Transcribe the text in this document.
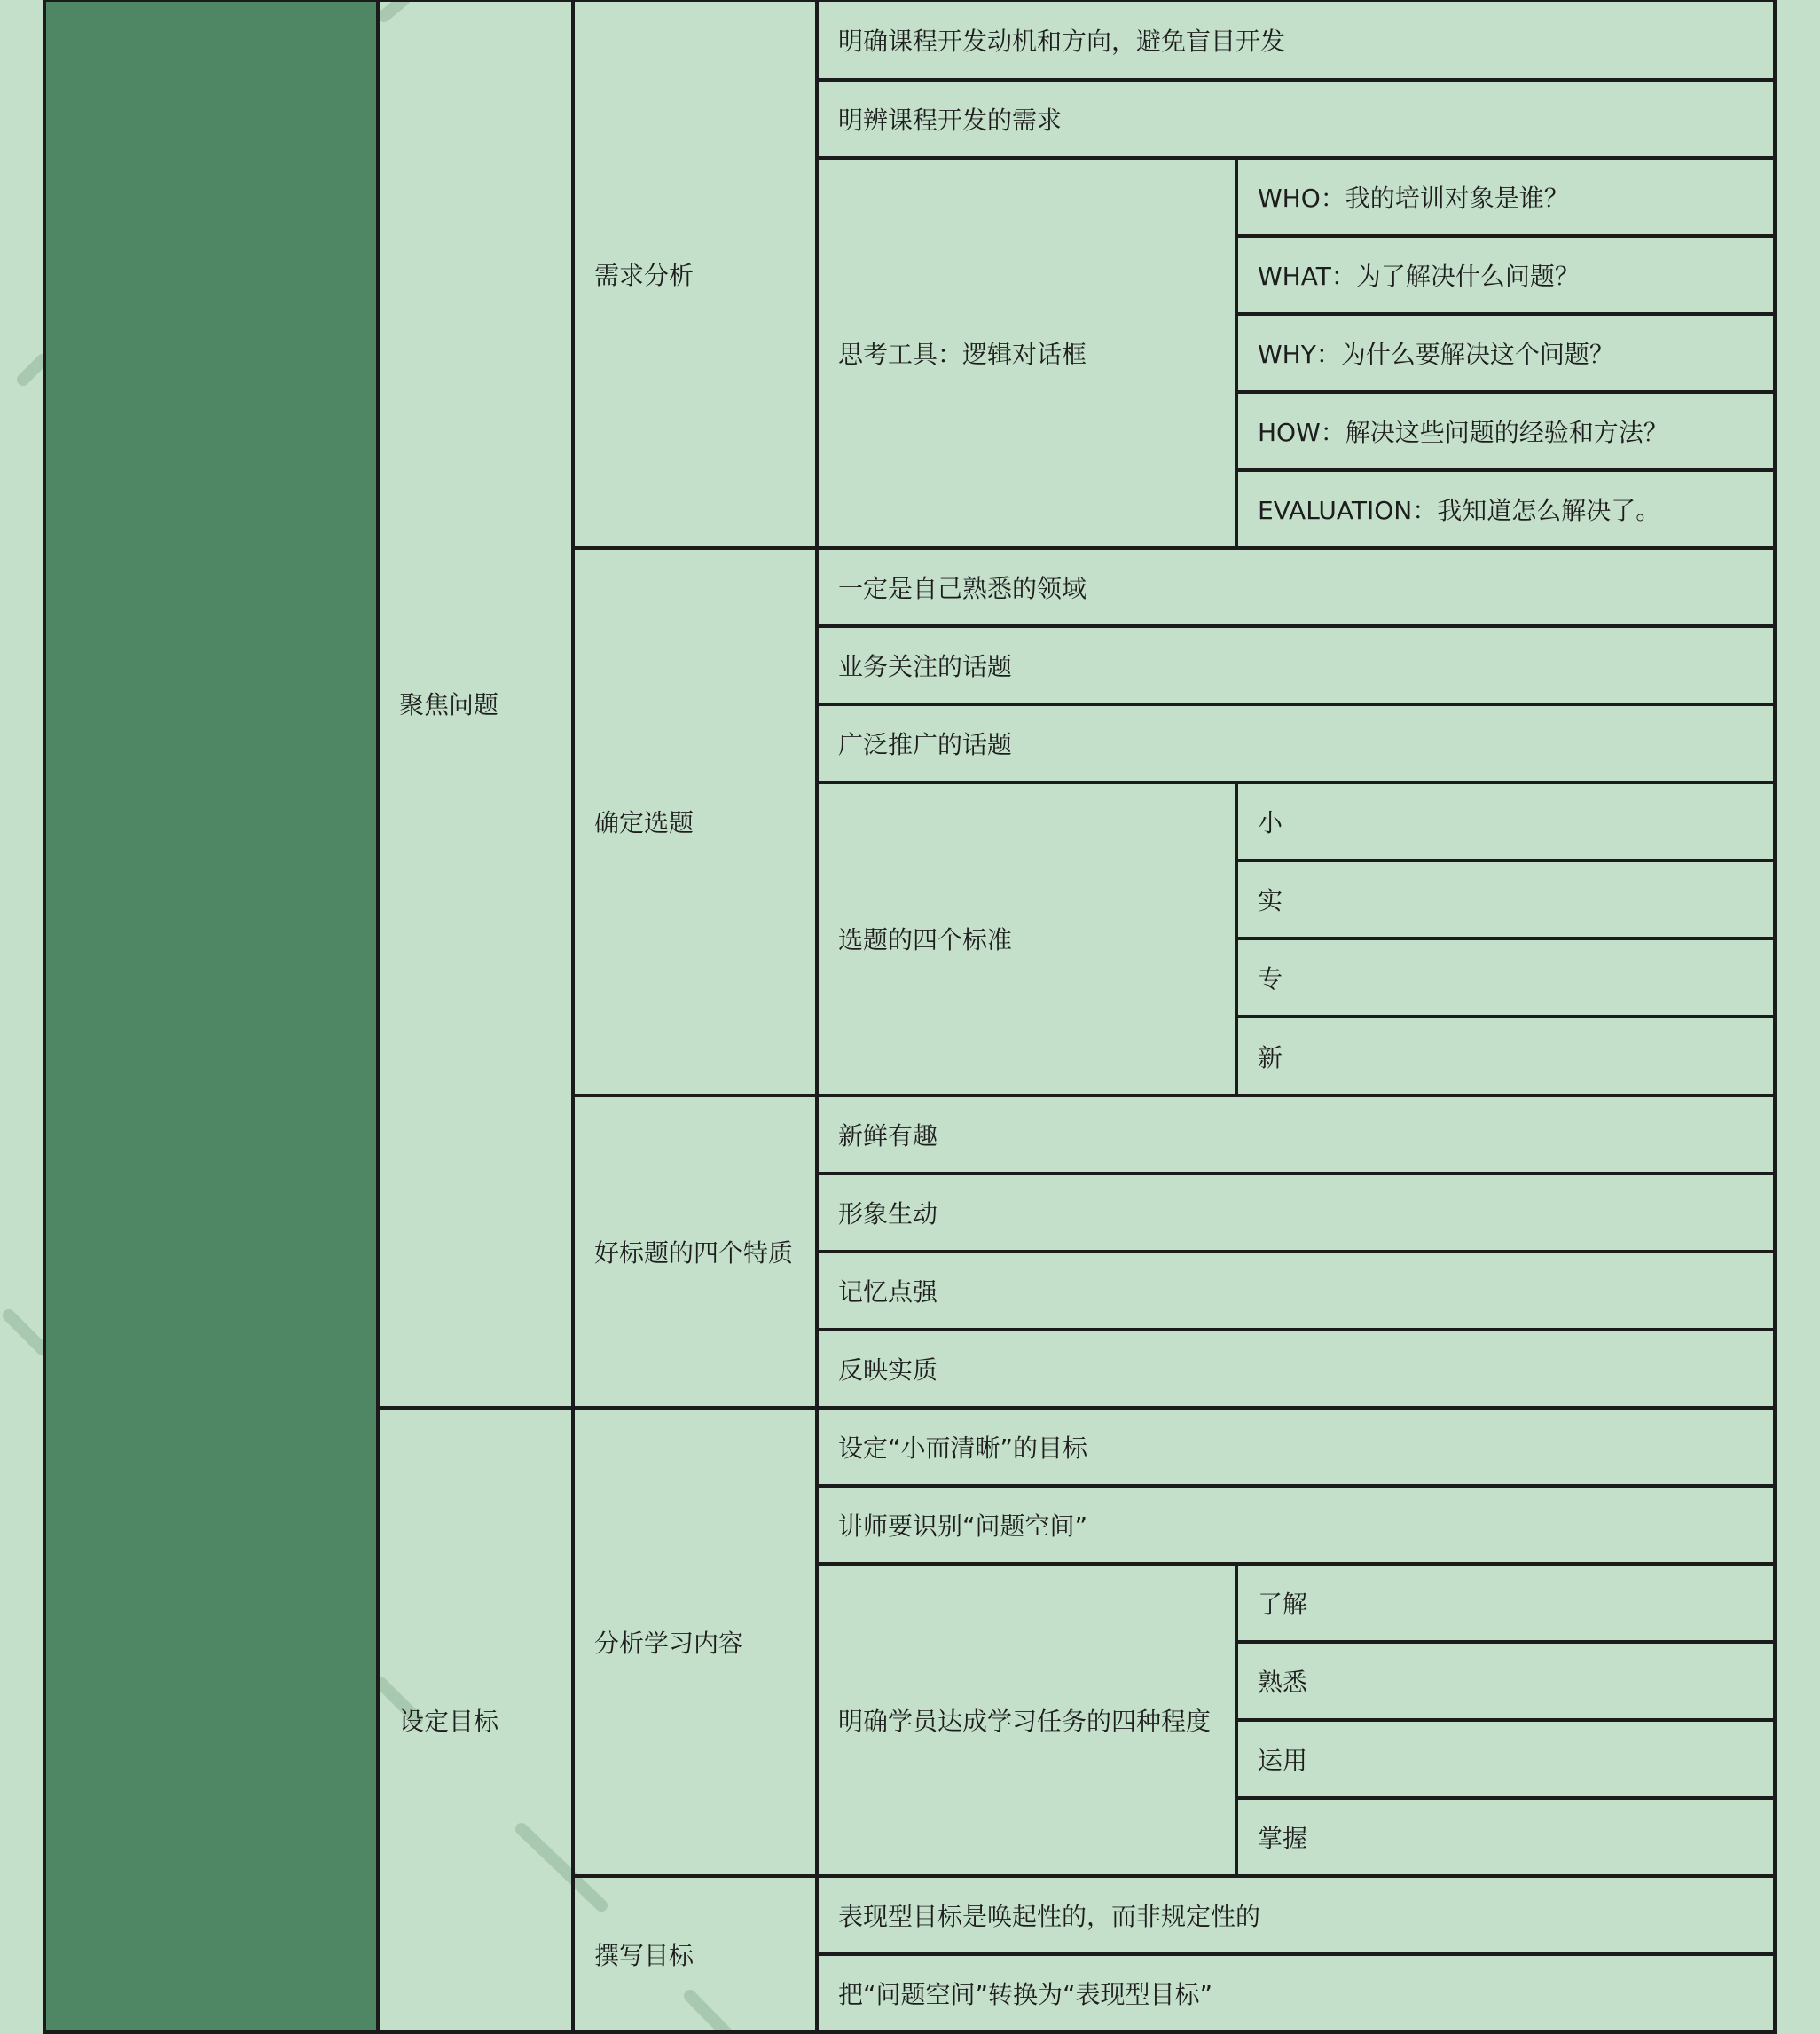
聚焦问题
设定目标
需求分析
确定选题
好标题的四个特质
分析学习内容
撰写目标
明确课程开发动机和方向，避免盲目开发
明辨课程开发的需求
思考工具：逻辑对话框
WHO：我的培训对象是谁？
WHAT：为了解决什么问题？
WHY：为什么要解决这个问题？
HOW：解决这些问题的经验和方法？
EVALUATION：我知道怎么解决了。
一定是自己熟悉的领域
业务关注的话题
广泛推广的话题
选题的四个标准
小
实
专
新
新鲜有趣
形象生动
记忆点强
反映实质
设定“小而清晰”的目标
讲师要识别“问题空间”
明确学员达成学习任务的四种程度
了解
熟悉
运用
掌握
表现型目标是唤起性的，而非规定性的
把“问题空间”转换为“表现型目标”
